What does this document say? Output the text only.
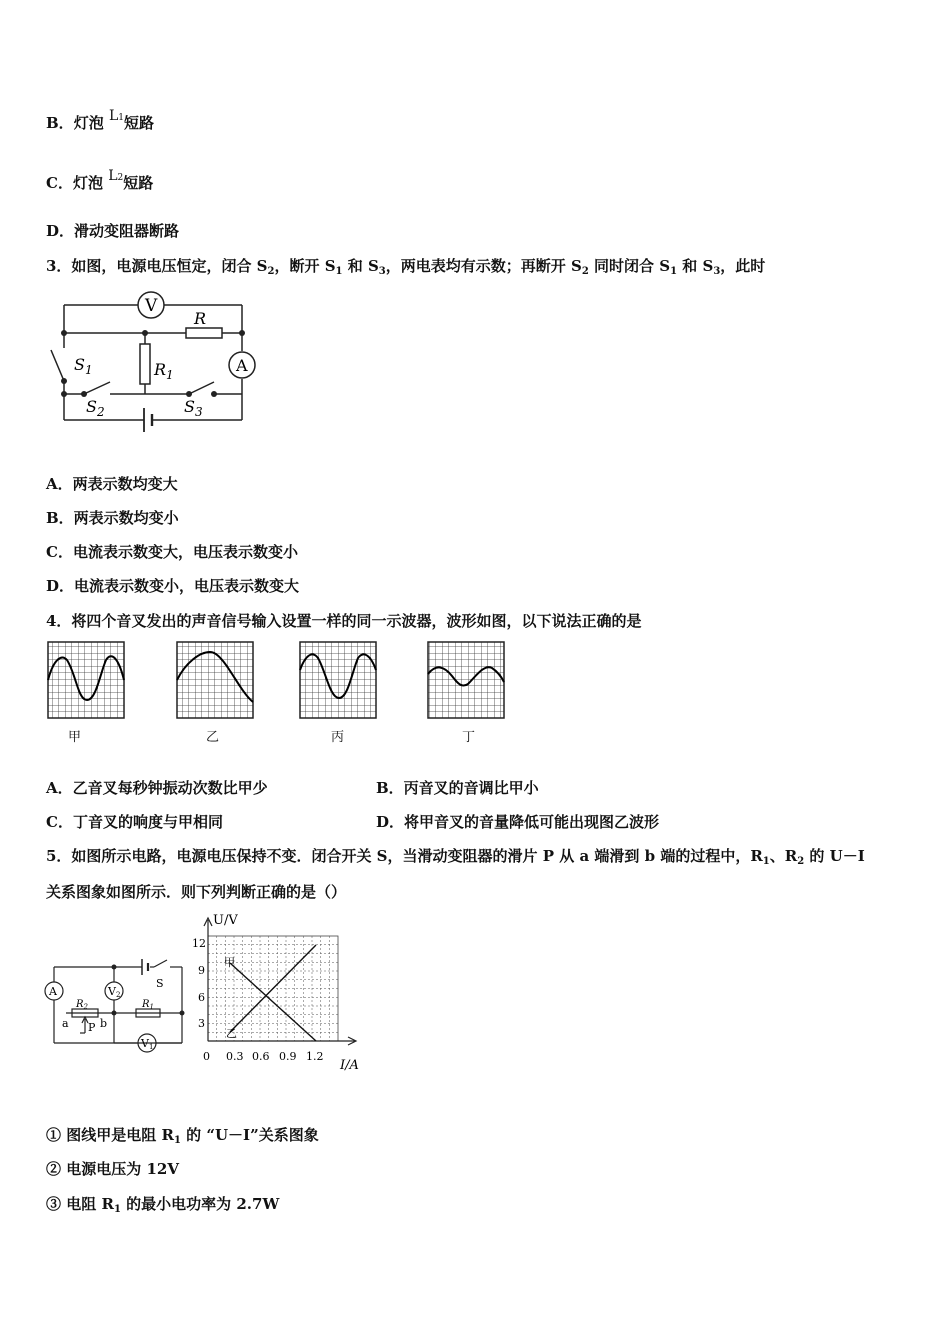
B．灯泡 L1短路
C．灯泡 L2短路
D．滑动变阻器断路
3．如图，电源电压恒定，闭合 $S_2$，断开 $S_1$ 和 $S_3$，两电表均有示数；再断开 $S_2$ 同时闭合 $S_1$ 和 $S_3$，此时
V
A
R
$R_1$
$S_1$
$S_2$	$S_3$
A．两表示数均变大
B．两表示数均变小
C．电流表示数变大，电压表示数变小
D．电流表示数变小，电压表示数变大
4．将四个音叉发出的声音信号输入设置一样的同一示波器，波形如图，以下说法正确的是
甲	乙	丙	丁
A．乙音叉每秒钟振动次数比甲少	B．丙音叉的音调比甲小
C．丁音叉的响度与甲相同	D．将甲音叉的音量降低可能出现图乙波形
5．如图所示电路，电源电压保持不变．闭合开关 S，当滑动变阻器的滑片 P 从 a 端滑到 b 端的过程中，$R_1$、$R_2$ 的 U－I
关系图象如图所示．则下列判断正确的是（）
A	V2
V1
$R_2$	$R_1$
S
a	b
P
U/V
I/A
12
9
6
3
0 0.3 0.6 0.9 1.2
甲
乙
① 图线甲是电阻 $R_1$ 的 “U－I”关系图象
② 电源电压为 12V
③ 电阻 $R_1$ 的最小电功率为 2.7W
